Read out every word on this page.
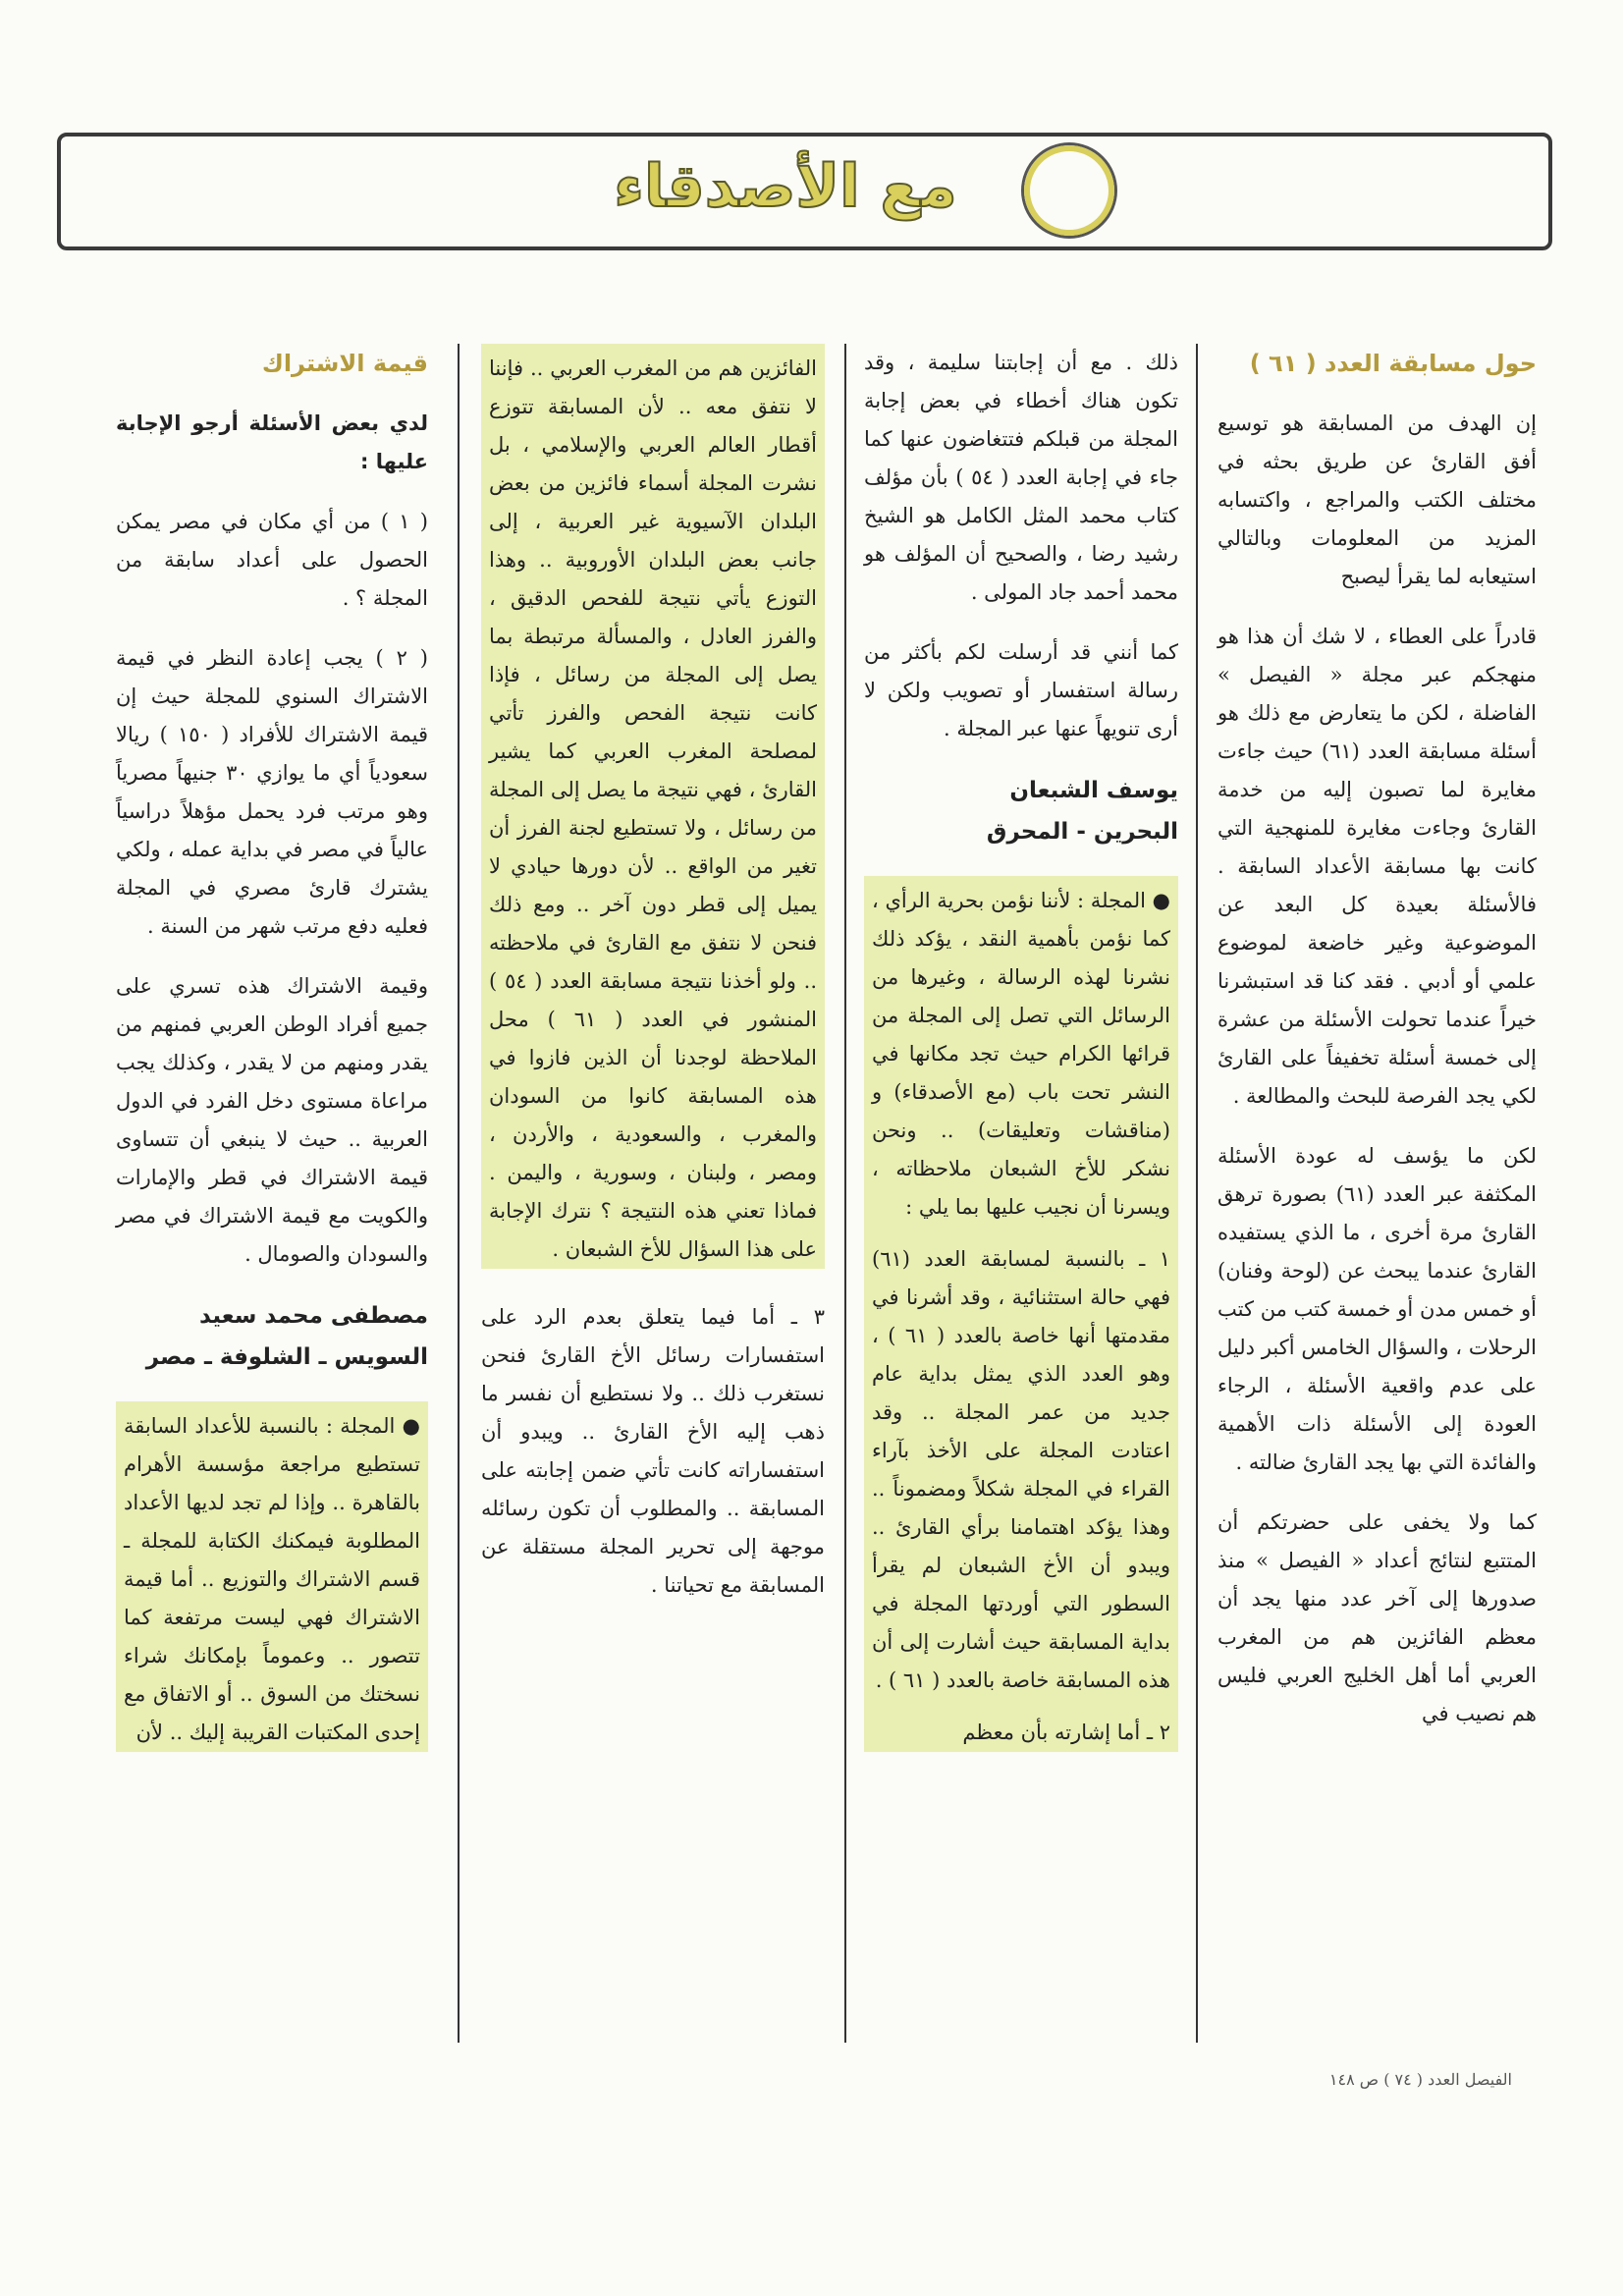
مع الأصدقاء
حول مسابقة العدد ( ٦١ )

إن الهدف من المسابقة هو توسيع أفق القارئ عن طريق بحثه في مختلف الكتب والمراجع ، واكتسابه المزيد من المعلومات وبالتالي استيعابه لما يقرأ ليصبح

قادراً على العطاء ، لا شك أن هذا هو منهجكم عبر مجلة « الفيصل » الفاضلة ، لكن ما يتعارض مع ذلك هو أسئلة مسابقة العدد (٦١) حيث جاءت مغايرة لما تصبون إليه من خدمة القارئ وجاءت مغايرة للمنهجية التي كانت بها مسابقة الأعداد السابقة . فالأسئلة بعيدة كل البعد عن الموضوعية وغير خاضعة لموضوع علمي أو أدبي . فقد كنا قد استبشرنا خيراً عندما تحولت الأسئلة من عشرة إلى خمسة أسئلة تخفيفاً على القارئ لكي يجد الفرصة للبحث والمطالعة .

لكن ما يؤسف له عودة الأسئلة المكثفة عبر العدد (٦١) بصورة ترهق القارئ مرة أخرى ، ما الذي يستفيده القارئ عندما يبحث عن (لوحة وفنان) أو خمس مدن أو خمسة كتب من كتب الرحلات ، والسؤال الخامس أكبر دليل على عدم واقعية الأسئلة ، الرجاء العودة إلى الأسئلة ذات الأهمية والفائدة التي بها يجد القارئ ضالته .

كما ولا يخفى على حضرتكم أن المتتبع لنتائج أعداد « الفيصل » منذ صدورها إلى آخر عدد منها يجد أن معظم الفائزين هم من المغرب العربي أما أهل الخليج العربي فليس هم نصيب في

ذلك . مع أن إجابتنا سليمة ، وقد تكون هناك أخطاء في بعض إجابة المجلة من قبلكم فتتغاضون عنها كما جاء في إجابة العدد ( ٥٤ ) بأن مؤلف كتاب محمد المثل الكامل هو الشيخ رشيد رضا ، والصحيح أن المؤلف هو محمد أحمد جاد المولى .

كما أنني قد أرسلت لكم بأكثر من رسالة استفسار أو تصويب ولكن لا أرى تنويهاً عنها عبر المجلة .

يوسف الشبعان
البحرين - المحرق

● المجلة : لأننا نؤمن بحرية الرأي ، كما نؤمن بأهمية النقد ، يؤكد ذلك نشرنا لهذه الرسالة ، وغيرها من الرسائل التي تصل إلى المجلة من قرائها الكرام حيث تجد مكانها في النشر تحت باب (مع الأصدقاء) و (مناقشات وتعليقات) .. ونحن نشكر للأخ الشبعان ملاحظاته ، ويسرنا أن نجيب عليها بما يلي :

١ ـ بالنسبة لمسابقة العدد (٦١) فهي حالة استثنائية ، وقد أشرنا في مقدمتها أنها خاصة بالعدد ( ٦١ ) ، وهو العدد الذي يمثل بداية عام جديد من عمر المجلة .. وقد اعتادت المجلة على الأخذ بآراء القراء في المجلة شكلاً ومضموناً .. وهذا يؤكد اهتمامنا برأي القارئ .. ويبدو أن الأخ الشبعان لم يقرأ السطور التي أوردتها المجلة في بداية المسابقة حيث أشارت إلى أن هذه المسابقة خاصة بالعدد ( ٦١ ) .

٢ ـ أما إشارته بأن معظم

الفائزين هم من المغرب العربي .. فإننا لا نتفق معه .. لأن المسابقة تتوزع أقطار العالم العربي والإسلامي ، بل نشرت المجلة أسماء فائزين من بعض البلدان الآسيوية غير العربية ، إلى جانب بعض البلدان الأوروبية .. وهذا التوزع يأتي نتيجة للفحص الدقيق ، والفرز العادل ، والمسألة مرتبطة بما يصل إلى المجلة من رسائل ، فإذا كانت نتيجة الفحص والفرز تأتي لمصلحة المغرب العربي كما يشير القارئ ، فهي نتيجة ما يصل إلى المجلة من رسائل ، ولا تستطيع لجنة الفرز أن تغير من الواقع .. لأن دورها حيادي لا يميل إلى قطر دون آخر .. ومع ذلك فنحن لا نتفق مع القارئ في ملاحظته .. ولو أخذنا نتيجة مسابقة العدد ( ٥٤ ) المنشور في العدد ( ٦١ ) محل الملاحظة لوجدنا أن الذين فازوا في هذه المسابقة كانوا من السودان والمغرب ، والسعودية ، والأردن ، ومصر ، ولبنان ، وسورية ، واليمن . فماذا تعني هذه النتيجة ؟ نترك الإجابة على هذا السؤال للأخ الشبعان .

٣ ـ أما فيما يتعلق بعدم الرد على استفسارات رسائل الأخ القارئ فنحن نستغرب ذلك .. ولا نستطيع أن نفسر ما ذهب إليه الأخ القارئ .. ويبدو أن استفساراته كانت تأتي ضمن إجابته على المسابقة .. والمطلوب أن تكون رسائله موجهة إلى تحرير المجلة مستقلة عن المسابقة مع تحياتنا .

قيمة الاشتراك

لدي بعض الأسئلة أرجو الإجابة عليها :

( ١ ) من أي مكان في مصر يمكن الحصول على أعداد سابقة من المجلة ؟ .

( ٢ ) يجب إعادة النظر في قيمة الاشتراك السنوي للمجلة حيث إن قيمة الاشتراك للأفراد ( ١٥٠ ) ريالا سعودياً أي ما يوازي ٣٠ جنيهاً مصرياً وهو مرتب فرد يحمل مؤهلاً دراسياً عالياً في مصر في بداية عمله ، ولكي يشترك قارئ مصري في المجلة فعليه دفع مرتب شهر من السنة .

وقيمة الاشتراك هذه تسري على جميع أفراد الوطن العربي فمنهم من يقدر ومنهم من لا يقدر ، وكذلك يجب مراعاة مستوى دخل الفرد في الدول العربية .. حيث لا ينبغي أن تتساوى قيمة الاشتراك في قطر والإمارات والكويت مع قيمة الاشتراك في مصر والسودان والصومال .

مصطفى محمد سعيد
السويس ـ الشلوفة ـ مصر

● المجلة : بالنسبة للأعداد السابقة تستطيع مراجعة مؤسسة الأهرام بالقاهرة .. وإذا لم تجد لديها الأعداد المطلوبة فيمكنك الكتابة للمجلة ـ قسم الاشتراك والتوزيع .. أما قيمة الاشتراك فهي ليست مرتفعة كما تتصور .. وعموماً بإمكانك شراء نسختك من السوق .. أو الاتفاق مع إحدى المكتبات القريبة إليك .. لأن

الفيصل العدد ( ٧٤ ) ص ١٤٨
